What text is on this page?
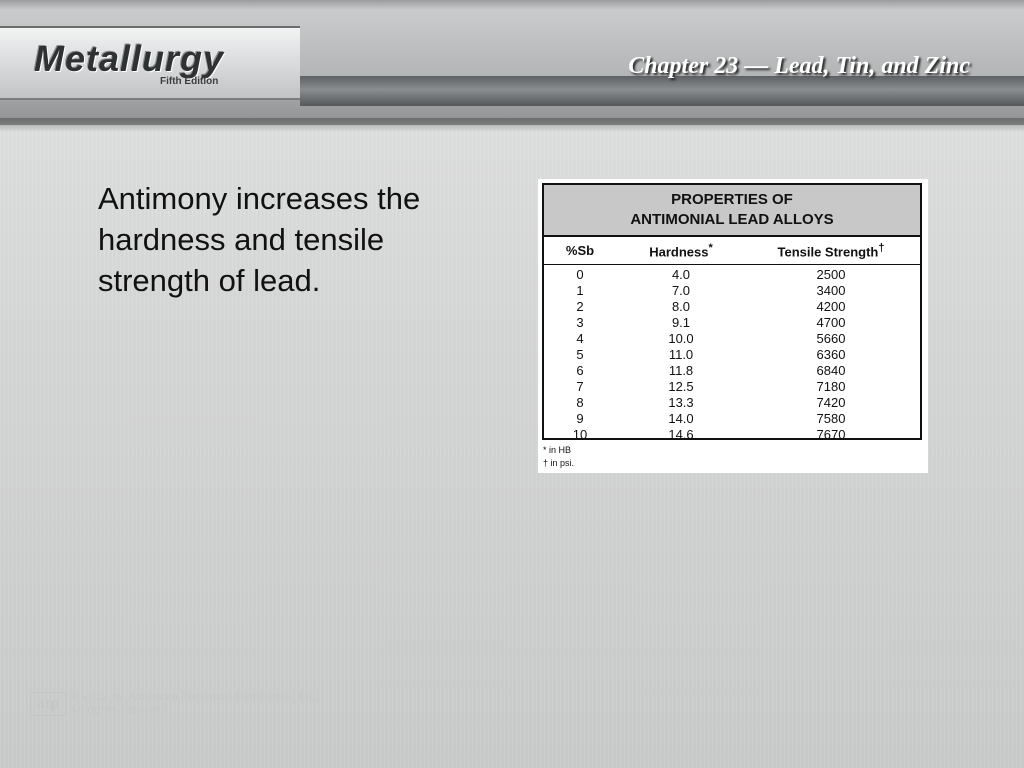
Metallurgy
Fifth Edition
Chapter 23 — Lead, Tin, and Zinc
Antimony increases the hardness and tensile strength of lead.
PROPERTIES OF
ANTIMONIAL LEAD ALLOYS
%Sb	Hardness*	Tensile Strength†
0	4.0	2500
1	7.0	3400
2	8.0	4200
3	9.1	4700
4	10.0	5660
5	11.0	6360
6	11.8	6840
7	12.5	7180
8	13.3	7420
9	14.0	7580
10	14.6	7670
* in HB
† in psi.
atp © 2012 by American Technical Publishers, Inc.
All rights reserved
